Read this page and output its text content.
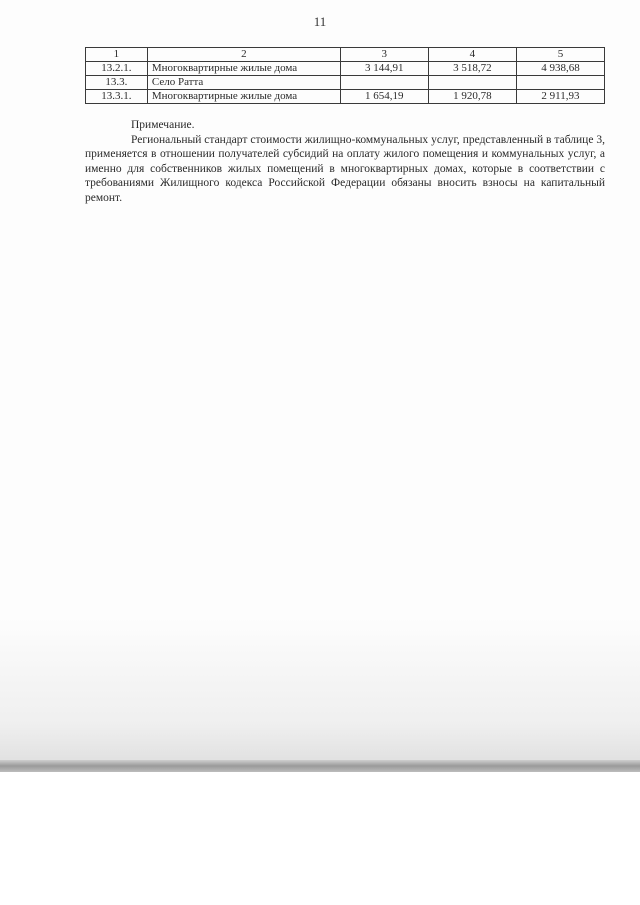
11
1	2	3	4	5
13.2.1.	Многоквартирные жилые дома	3 144,91	3 518,72	4 938,68
13.3.	Село Ратта			
13.3.1.	Многоквартирные жилые дома	1 654,19	1 920,78	2 911,93

Примечание.

Региональный стандарт стоимости жилищно-коммунальных услуг, представленный в таблице 3, применяется в отношении получателей субсидий на оплату жилого помещения и коммунальных услуг, а именно для собственников жилых помещений в многоквартирных домах, которые в соответствии с требованиями Жилищного кодекса Российской Федерации обязаны вносить взносы на капитальный ремонт.
